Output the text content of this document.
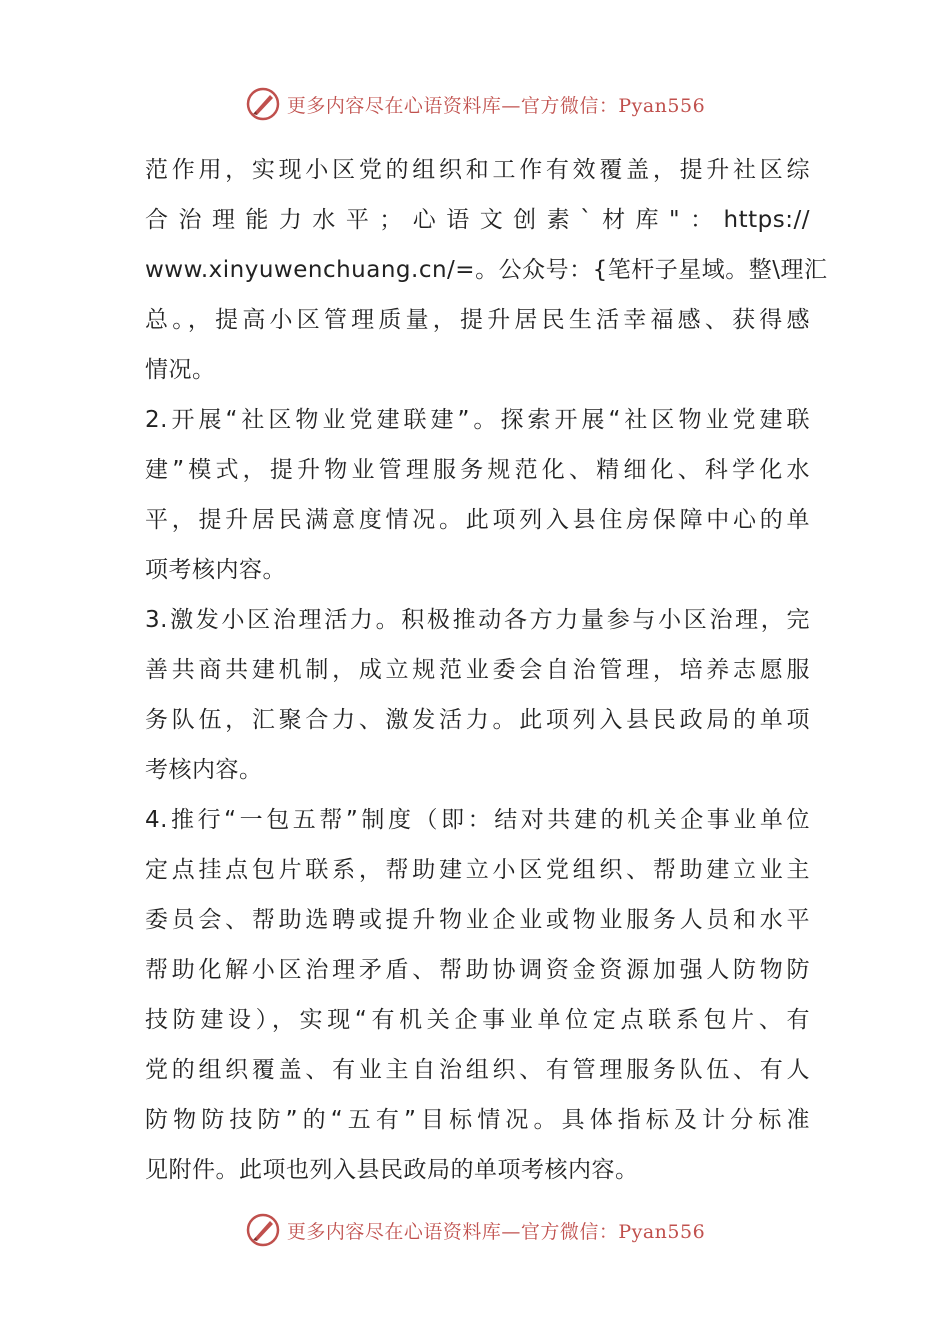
更多内容尽在心语资料库—官方微信：Pyan556
范作用，实现小区党的组织和工作有效覆盖，提升社区综
合治理能力水平；心语文创素`材库"：https://
www.xinyuwenchuang.cn/=。公众号：{笔杆子星域。整\理汇
总。，提高小区管理质量，提升居民生活幸福感、获得感
情况。
2.开展“社区物业党建联建”。探索开展“社区物业党建联
建”模式，提升物业管理服务规范化、精细化、科学化水
平，提升居民满意度情况。此项列入县住房保障中心的单
项考核内容。
3.激发小区治理活力。积极推动各方力量参与小区治理，完
善共商共建机制，成立规范业委会自治管理，培养志愿服
务队伍，汇聚合力、激发活力。此项列入县民政局的单项
考核内容。
4.推行“一包五帮”制度（即：结对共建的机关企事业单位
定点挂点包片联系，帮助建立小区党组织、帮助建立业主
委员会、帮助选聘或提升物业企业或物业服务人员和水平
帮助化解小区治理矛盾、帮助协调资金资源加强人防物防
技防建设），实现“有机关企事业单位定点联系包片、有
党的组织覆盖、有业主自治组织、有管理服务队伍、有人
防物防技防”的“五有”目标情况。具体指标及计分标准
见附件。此项也列入县民政局的单项考核内容。
更多内容尽在心语资料库—官方微信：Pyan556
